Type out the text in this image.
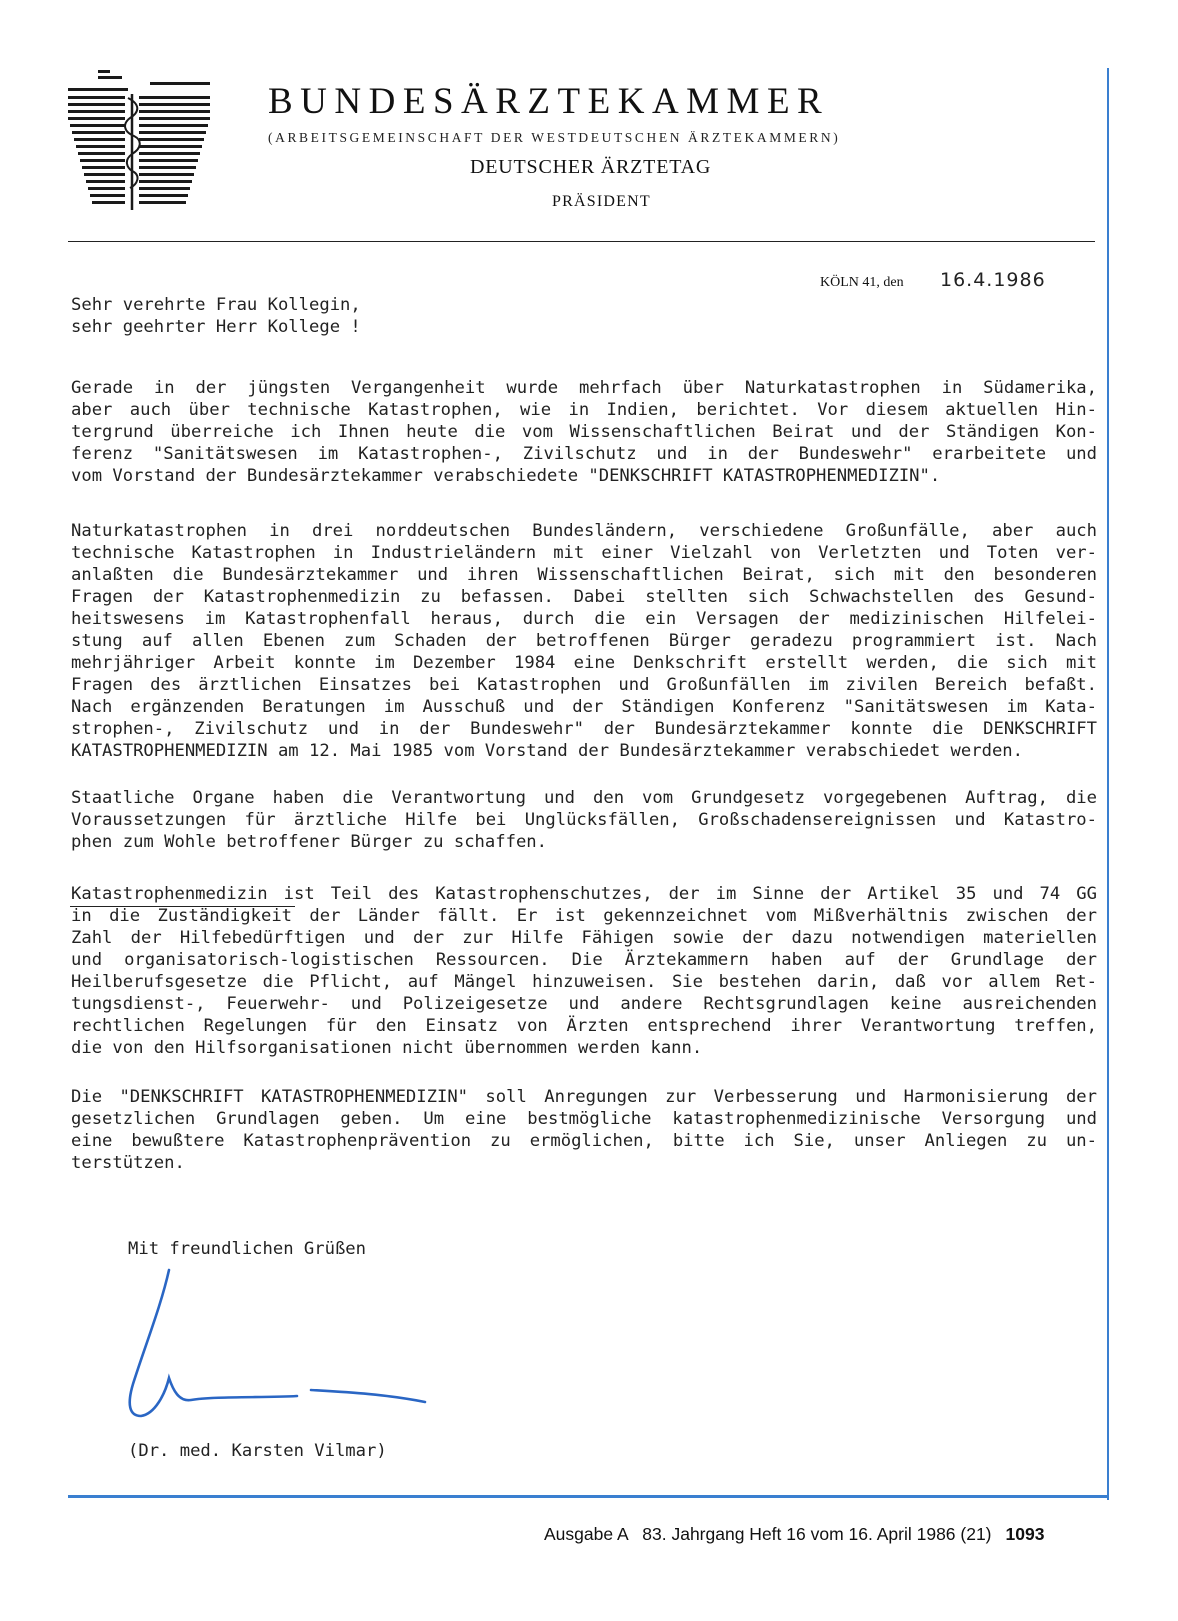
BUNDESÄRZTEKAMMER
(ARBEITSGEMEINSCHAFT DER WESTDEUTSCHEN ÄRZTEKAMMERN)
DEUTSCHER ÄRZTETAG
PRÄSIDENT
KÖLN 41, den 16.4.1986
Sehr verehrte Frau Kollegin,
sehr geehrter Herr Kollege !
Gerade in der jüngsten Vergangenheit wurde mehrfach über Naturkatastrophen in Südamerika,
aber auch über technische Katastrophen, wie in Indien, berichtet. Vor diesem aktuellen Hin-
tergrund überreiche ich Ihnen heute die vom Wissenschaftlichen Beirat und der Ständigen Kon-
ferenz "Sanitätswesen im Katastrophen-, Zivilschutz und in der Bundeswehr" erarbeitete und
vom Vorstand der Bundesärztekammer verabschiedete "DENKSCHRIFT KATASTROPHENMEDIZIN".
Naturkatastrophen in drei norddeutschen Bundesländern, verschiedene Großunfälle, aber auch
technische Katastrophen in Industrieländern mit einer Vielzahl von Verletzten und Toten ver-
anlaßten die Bundesärztekammer und ihren Wissenschaftlichen Beirat, sich mit den besonderen
Fragen der Katastrophenmedizin zu befassen. Dabei stellten sich Schwachstellen des Gesund-
heitswesens im Katastrophenfall heraus, durch die ein Versagen der medizinischen Hilfelei-
stung auf allen Ebenen zum Schaden der betroffenen Bürger geradezu programmiert ist. Nach
mehrjähriger Arbeit konnte im Dezember 1984 eine Denkschrift erstellt werden, die sich mit
Fragen des ärztlichen Einsatzes bei Katastrophen und Großunfällen im zivilen Bereich befaßt.
Nach ergänzenden Beratungen im Ausschuß und der Ständigen Konferenz "Sanitätswesen im Kata-
strophen-, Zivilschutz und in der Bundeswehr" der Bundesärztekammer konnte die DENKSCHRIFT
KATASTROPHENMEDIZIN am 12. Mai 1985 vom Vorstand der Bundesärztekammer verabschiedet werden.
Staatliche Organe haben die Verantwortung und den vom Grundgesetz vorgegebenen Auftrag, die
Voraussetzungen für ärztliche Hilfe bei Unglücksfällen, Großschadensereignissen und Katastro-
phen zum Wohle betroffener Bürger zu schaffen.
Katastrophenmedizin ist Teil des Katastrophenschutzes, der im Sinne der Artikel 35 und 74 GG
in die Zuständigkeit der Länder fällt. Er ist gekennzeichnet vom Mißverhältnis zwischen der
Zahl der Hilfebedürftigen und der zur Hilfe Fähigen sowie der dazu notwendigen materiellen
und organisatorisch-logistischen Ressourcen. Die Ärztekammern haben auf der Grundlage der
Heilberufsgesetze die Pflicht, auf Mängel hinzuweisen. Sie bestehen darin, daß vor allem Ret-
tungsdienst-, Feuerwehr- und Polizeigesetze und andere Rechtsgrundlagen keine ausreichenden
rechtlichen Regelungen für den Einsatz von Ärzten entsprechend ihrer Verantwortung treffen,
die von den Hilfsorganisationen nicht übernommen werden kann.
Die "DENKSCHRIFT KATASTROPHENMEDIZIN" soll Anregungen zur Verbesserung und Harmonisierung der
gesetzlichen Grundlagen geben. Um eine bestmögliche katastrophenmedizinische Versorgung und
eine bewußtere Katastrophenprävention zu ermöglichen, bitte ich Sie, unser Anliegen zu un-
terstützen.
Mit freundlichen Grüßen
(Dr. med. Karsten Vilmar)
Ausgabe A   83. Jahrgang Heft 16 vom 16. April 1986 (21) 1093
